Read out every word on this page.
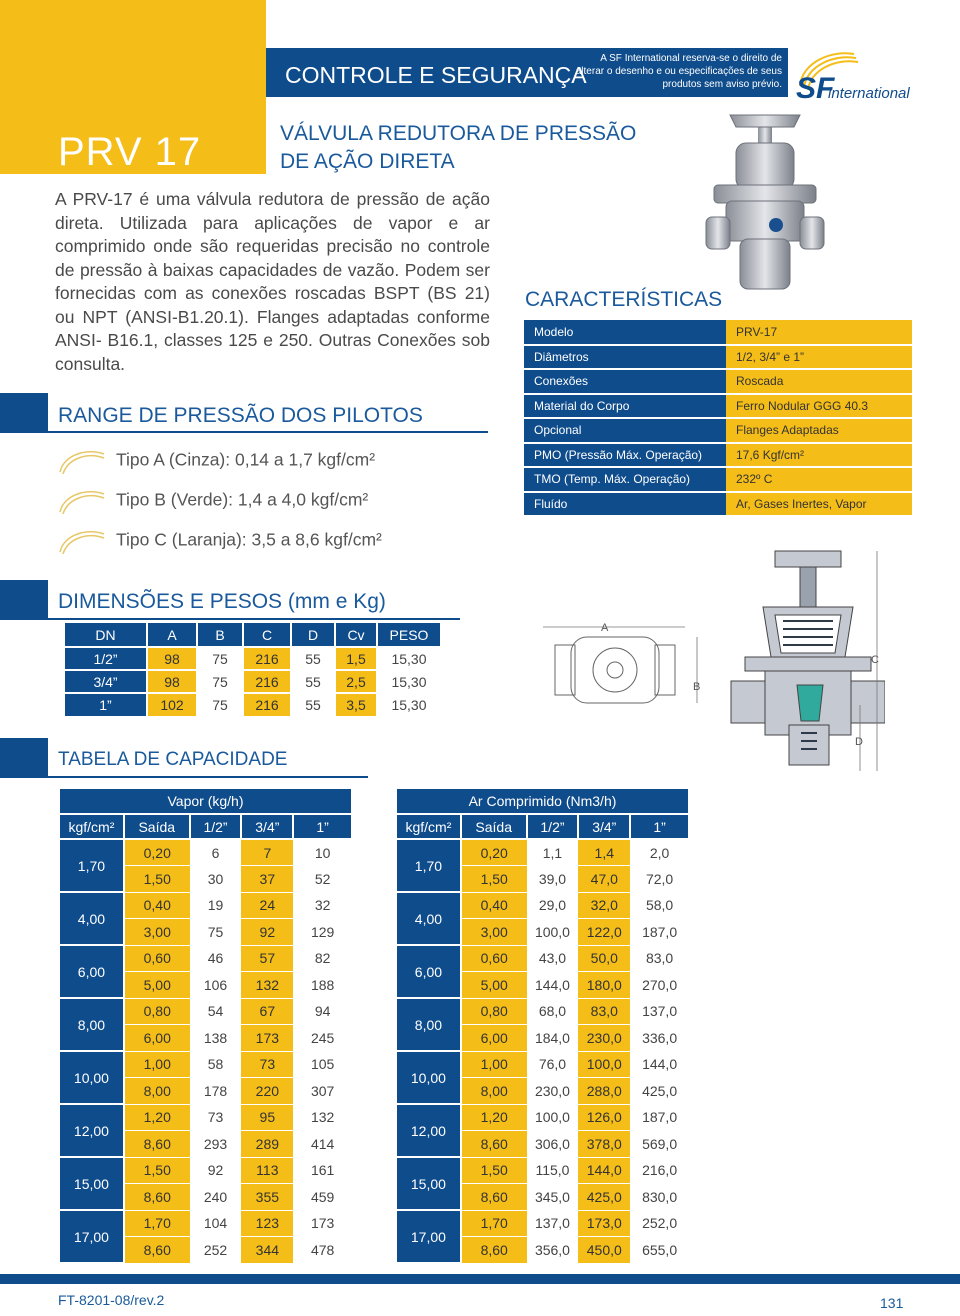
PRV 17
CONTROLE E SEGURANÇA
A SF International reserva-se o direito de alterar o desenho e ou especificações de seus produtos sem aviso prévio. SF
international
VÁLVULA REDUTORA DE PRESSÃO
DE AÇÃO DIRETA
A PRV-17 é uma válvula redutora de pressão de ação direta. Utilizada para aplicações de vapor e ar comprimido onde são requeridas precisão no controle de pressão à baixas capacidades de vazão. Podem ser fornecidas com as conexões roscadas BSPT (BS 21) ou NPT (ANSI-B1.20.1). Flanges adaptadas conforme ANSI- B16.1, classes 125 e 250. Outras Conexões sob consulta.
RANGE DE PRESSÃO DOS PILOTOS
Tipo A (Cinza): 0,14 a 1,7 kgf/cm²
Tipo B (Verde): 1,4 a 4,0 kgf/cm²
Tipo C (Laranja): 3,5 a 8,6 kgf/cm²
CARACTERÍSTICAS
Modelo	PRV-17
Diâmetros	1/2, 3/4” e 1”
Conexões	Roscada
Material do Corpo	Ferro Nodular GGG 40.3
Opcional	Flanges Adaptadas
PMO (Pressão Máx. Operação)	17,6 Kgf/cm²
TMO (Temp. Máx. Operação)	232º C
Fluído	Ar, Gases Inertes, Vapor
A
B
C
D
DIMENSÕES E PESOS (mm e Kg)
DN	A	B	C	D	Cv	PESO
1/2”	98	75	216	55	1,5	15,30
3/4”	98	75	216	55	2,5	15,30
1”	102	75	216	55	3,5	15,30
TABELA DE CAPACIDADE
Vapor (kg/h)				
kgf/cm²	Saída	1/2”	3/4”	1”
1,70	0,20	6	7	10
	1,50	30	37	52
4,00	0,40	19	24	32
	3,00	75	92	129
6,00	0,60	46	57	82
	5,00	106	132	188
8,00	0,80	54	67	94
	6,00	138	173	245
10,00	1,00	58	73	105
	8,00	178	220	307
12,00	1,20	73	95	132
	8,60	293	289	414
15,00	1,50	92	113	161
	8,60	240	355	459
17,00	1,70	104	123	173
	8,60	252	344	478
Ar Comprimido (Nm3/h)				
kgf/cm²	Saída	1/2”	3/4”	1”
1,70	0,20	1,1	1,4	2,0
	1,50	39,0	47,0	72,0
4,00	0,40	29,0	32,0	58,0
	3,00	100,0	122,0	187,0
6,00	0,60	43,0	50,0	83,0
	5,00	144,0	180,0	270,0
8,00	0,80	68,0	83,0	137,0
	6,00	184,0	230,0	336,0
10,00	1,00	76,0	100,0	144,0
	8,00	230,0	288,0	425,0
12,00	1,20	100,0	126,0	187,0
	8,60	306,0	378,0	569,0
15,00	1,50	115,0	144,0	216,0
	8,60	345,0	425,0	830,0
17,00	1,70	137,0	173,0	252,0
	8,60	356,0	450,0	655,0
FT-8201-08/rev.2	131
